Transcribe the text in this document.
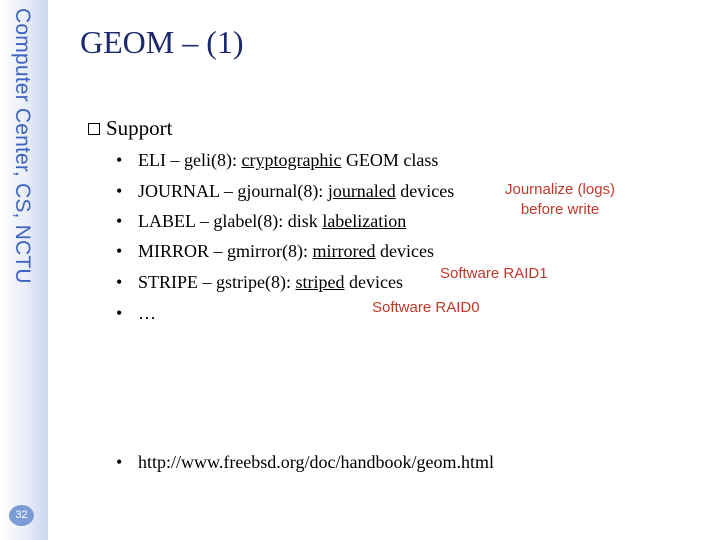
Computer Center, CS, NCTU
32
GEOM – (1)
Support
• ELI – geli(8): cryptographic GEOM class
• JOURNAL – gjournal(8): journaled devices
• LABEL – glabel(8): disk labelization
• MIRROR – gmirror(8): mirrored devices
• STRIPE – gstripe(8): striped devices
• …
• http://www.freebsd.org/doc/handbook/geom.html
Journalize (logs)
before write
Software RAID1
Software RAID0
